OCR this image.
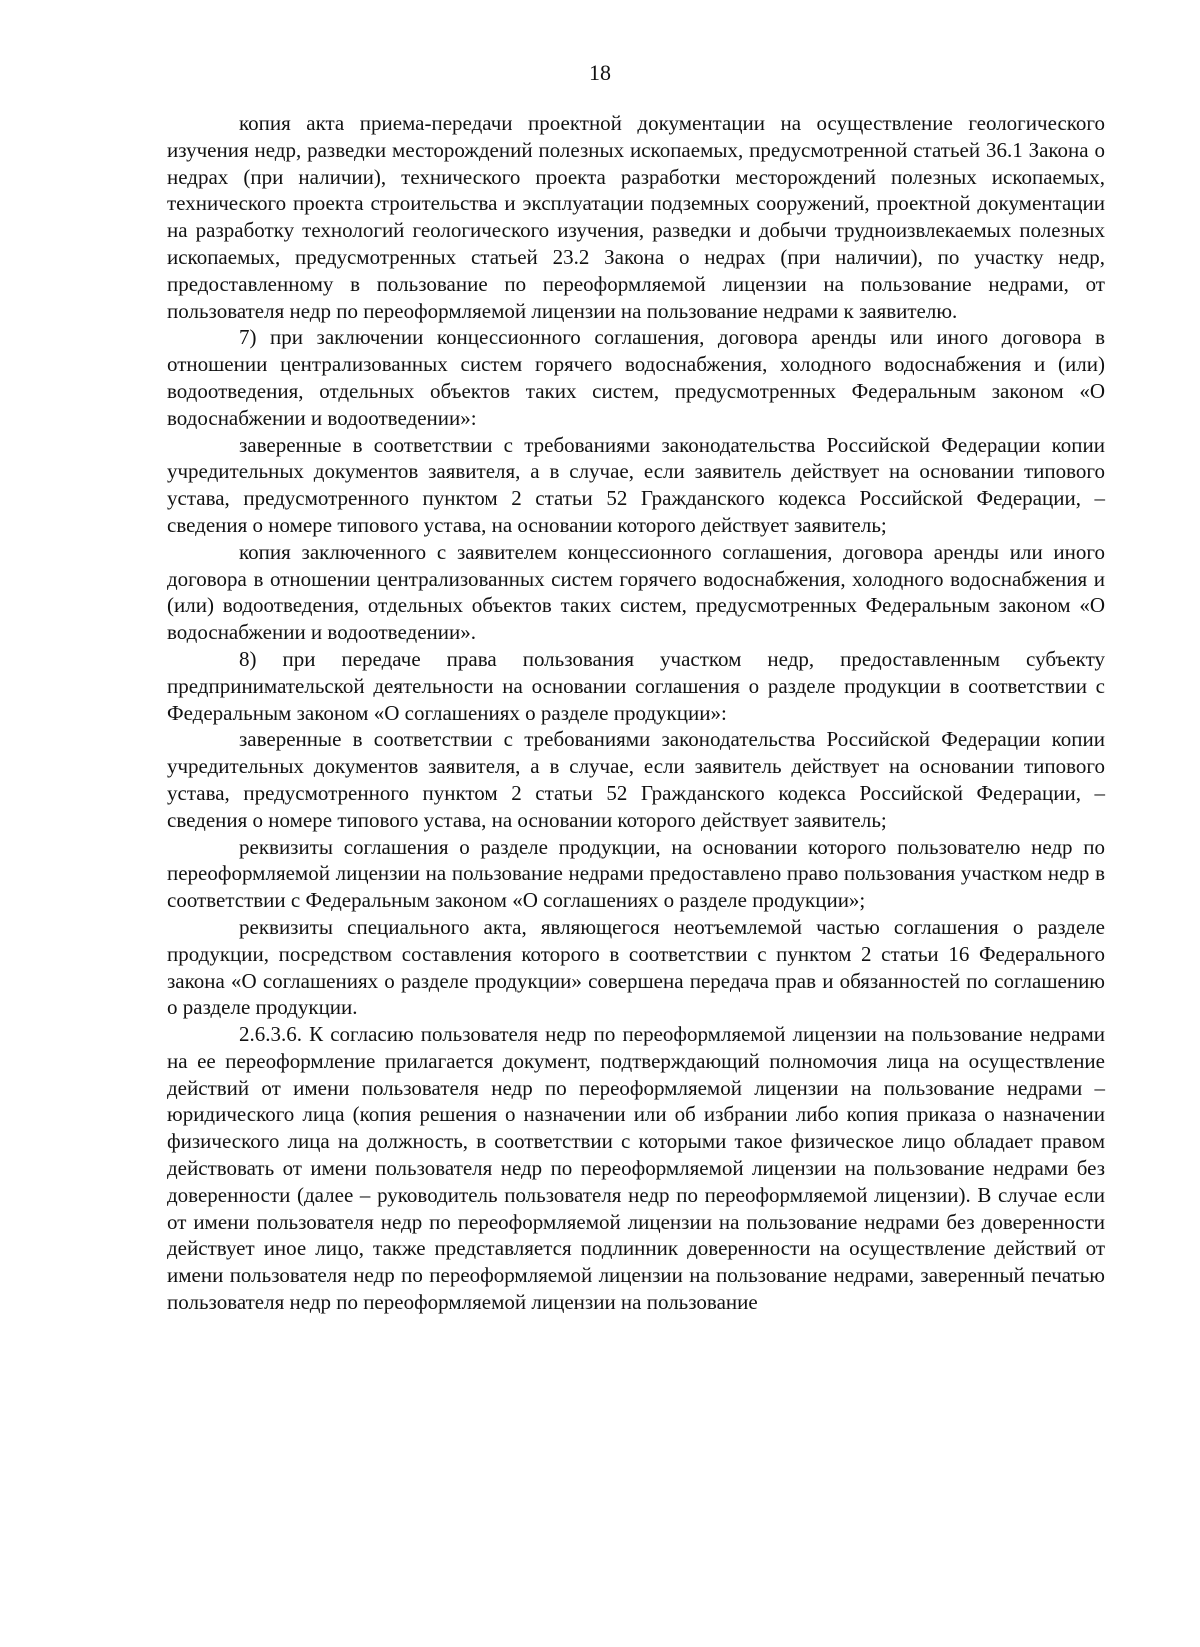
18

копия акта приема-передачи проектной документации на осуществление геологического изучения недр, разведки месторождений полезных ископаемых, предусмотренной статьей 36.1 Закона о недрах (при наличии), технического проекта разработки месторождений полезных ископаемых, технического проекта строительства и эксплуатации подземных сооружений, проектной документации на разработку технологий геологического изучения, разведки и добычи трудноизвлекаемых полезных ископаемых, предусмотренных статьей 23.2 Закона о недрах (при наличии), по участку недр, предоставленному в пользование по переоформляемой лицензии на пользование недрами, от пользователя недр по переоформляемой лицензии на пользование недрами к заявителю.

7) при заключении концессионного соглашения, договора аренды или иного договора в отношении централизованных систем горячего водоснабжения, холодного водоснабжения и (или) водоотведения, отдельных объектов таких систем, предусмотренных Федеральным законом «О водоснабжении и водоотведении»:

заверенные в соответствии с требованиями законодательства Российской Федерации копии учредительных документов заявителя, а в случае, если заявитель действует на основании типового устава, предусмотренного пунктом 2 статьи 52 Гражданского кодекса Российской Федерации, – сведения о номере типового устава, на основании которого действует заявитель;

копия заключенного с заявителем концессионного соглашения, договора аренды или иного договора в отношении централизованных систем горячего водоснабжения, холодного водоснабжения и (или) водоотведения, отдельных объектов таких систем, предусмотренных Федеральным законом «О водоснабжении и водоотведении».

8) при передаче права пользования участком недр, предоставленным субъекту предпринимательской деятельности на основании соглашения о разделе продукции в соответствии с Федеральным законом «О соглашениях о разделе продукции»:

заверенные в соответствии с требованиями законодательства Российской Федерации копии учредительных документов заявителя, а в случае, если заявитель действует на основании типового устава, предусмотренного пунктом 2 статьи 52 Гражданского кодекса Российской Федерации, – сведения о номере типового устава, на основании которого действует заявитель;

реквизиты соглашения о разделе продукции, на основании которого пользователю недр по переоформляемой лицензии на пользование недрами предоставлено право пользования участком недр в соответствии с Федеральным законом «О соглашениях о разделе продукции»;

реквизиты специального акта, являющегося неотъемлемой частью соглашения о разделе продукции, посредством составления которого в соответствии с пунктом 2 статьи 16 Федерального закона «О соглашениях о разделе продукции» совершена передача прав и обязанностей по соглашению о разделе продукции.

2.6.3.6. К согласию пользователя недр по переоформляемой лицензии на пользование недрами на ее переоформление прилагается документ, подтверждающий полномочия лица на осуществление действий от имени пользователя недр по переоформляемой лицензии на пользование недрами – юридического лица (копия решения о назначении или об избрании либо копия приказа о назначении физического лица на должность, в соответствии с которыми такое физическое лицо обладает правом действовать от имени пользователя недр по переоформляемой лицензии на пользование недрами без доверенности (далее – руководитель пользователя недр по переоформляемой лицензии). В случае если от имени пользователя недр по переоформляемой лицензии на пользование недрами без доверенности действует иное лицо, также представляется подлинник доверенности на осуществление действий от имени пользователя недр по переоформляемой лицензии на пользование недрами, заверенный печатью пользователя недр по переоформляемой лицензии на пользование
